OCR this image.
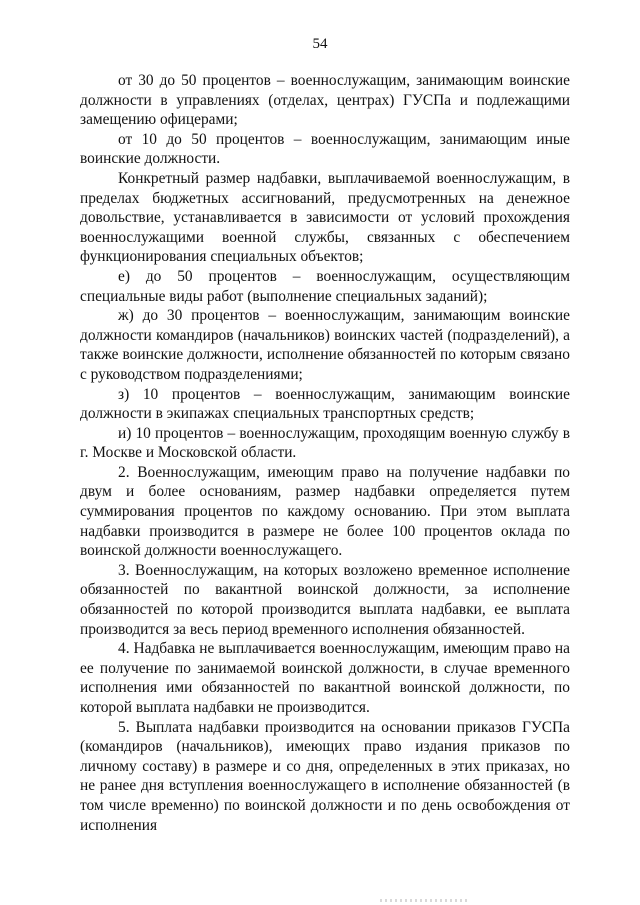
54

от 30 до 50 процентов – военнослужащим, занимающим воинские должности в управлениях (отделах, центрах) ГУСПа и подлежащими замещению офицерами;

от 10 до 50 процентов – военнослужащим, занимающим иные воинские должности.

Конкретный размер надбавки, выплачиваемой военнослужащим, в пределах бюджетных ассигнований, предусмотренных на денежное довольствие, устанавливается в зависимости от условий прохождения военнослужащими военной службы, связанных с обеспечением функционирования специальных объектов;

е) до 50 процентов – военнослужащим, осуществляющим специальные виды работ (выполнение специальных заданий);

ж) до 30 процентов – военнослужащим, занимающим воинские должности командиров (начальников) воинских частей (подразделений), а также воинские должности, исполнение обязанностей по которым связано с руководством подразделениями;

з) 10 процентов – военнослужащим, занимающим воинские должности в экипажах специальных транспортных средств;

и) 10 процентов – военнослужащим, проходящим военную службу в г. Москве и Московской области.

2. Военнослужащим, имеющим право на получение надбавки по двум и более основаниям, размер надбавки определяется путем суммирования процентов по каждому основанию. При этом выплата надбавки производится в размере не более 100 процентов оклада по воинской должности военнослужащего.

3. Военнослужащим, на которых возложено временное исполнение обязанностей по вакантной воинской должности, за исполнение обязанностей по которой производится выплата надбавки, ее выплата производится за весь период временного исполнения обязанностей.

4. Надбавка не выплачивается военнослужащим, имеющим право на ее получение по занимаемой воинской должности, в случае временного исполнения ими обязанностей по вакантной воинской должности, по которой выплата надбавки не производится.

5. Выплата надбавки производится на основании приказов ГУСПа (командиров (начальников), имеющих право издания приказов по личному составу) в размере и со дня, определенных в этих приказах, но не ранее дня вступления военнослужащего в исполнение обязанностей (в том числе временно) по воинской должности и по день освобождения от исполнения
